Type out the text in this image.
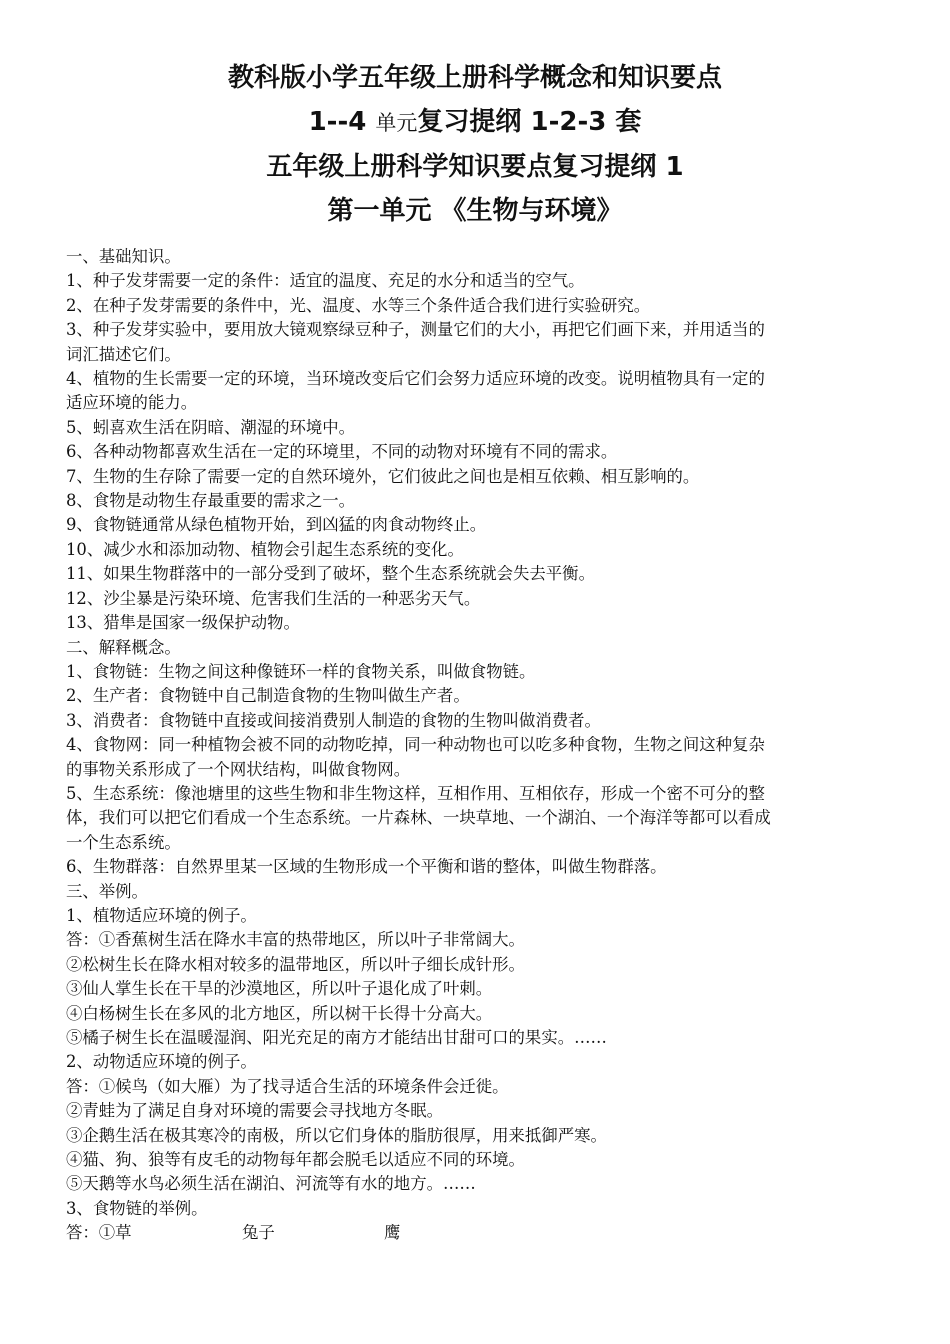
教科版小学五年级上册科学概念和知识要点
1--4 单元复习提纲 1-2-3 套
五年级上册科学知识要点复习提纲 1
第一单元 《生物与环境》

一、基础知识。

1、种子发芽需要一定的条件：适宜的温度、充足的水分和适当的空气。

2、在种子发芽需要的条件中，光、温度、水等三个条件适合我们进行实验研究。

3、种子发芽实验中，要用放大镜观察绿豆种子，测量它们的大小，再把它们画下来，并用适当的

词汇描述它们。

4、植物的生长需要一定的环境，当环境改变后它们会努力适应环境的改变。说明植物具有一定的

适应环境的能力。

5、蚓喜欢生活在阴暗、潮湿的环境中。

6、各种动物都喜欢生活在一定的环境里，不同的动物对环境有不同的需求。

7、生物的生存除了需要一定的自然环境外，它们彼此之间也是相互依赖、相互影响的。

8、食物是动物生存最重要的需求之一。

9、食物链通常从绿色植物开始，到凶猛的肉食动物终止。

10、减少水和添加动物、植物会引起生态系统的变化。

11、如果生物群落中的一部分受到了破坏，整个生态系统就会失去平衡。

12、沙尘暴是污染环境、危害我们生活的一种恶劣天气。

13、猎隼是国家一级保护动物。

二、解释概念。

1、食物链：生物之间这种像链环一样的食物关系，叫做食物链。

2、生产者：食物链中自己制造食物的生物叫做生产者。

3、消费者：食物链中直接或间接消费别人制造的食物的生物叫做消费者。

4、食物网：同一种植物会被不同的动物吃掉，同一种动物也可以吃多种食物，生物之间这种复杂

的事物关系形成了一个网状结构，叫做食物网。

5、生态系统：像池塘里的这些生物和非生物这样，互相作用、互相依存，形成一个密不可分的整

体，我们可以把它们看成一个生态系统。一片森林、一块草地、一个湖泊、一个海洋等都可以看成

一个生态系统。

6、生物群落：自然界里某一区域的生物形成一个平衡和谐的整体，叫做生物群落。

三、举例。

1、植物适应环境的例子。

答：①香蕉树生活在降水丰富的热带地区，所以叶子非常阔大。

②松树生长在降水相对较多的温带地区，所以叶子细长成针形。

③仙人掌生长在干旱的沙漠地区，所以叶子退化成了叶刺。

④白杨树生长在多风的北方地区，所以树干长得十分高大。

⑤橘子树生长在温暖湿润、阳光充足的南方才能结出甘甜可口的果实。……

2、动物适应环境的例子。

答：①候鸟（如大雁）为了找寻适合生活的环境条件会迁徙。

②青蛙为了满足自身对环境的需要会寻找地方冬眠。

③企鹅生活在极其寒冷的南极，所以它们身体的脂肪很厚，用来抵御严寒。

④猫、狗、狼等有皮毛的动物每年都会脱毛以适应不同的环境。

⑤天鹅等水鸟必须生活在湖泊、河流等有水的地方。……

3、食物链的举例。

答：①草	兔子	鹰
